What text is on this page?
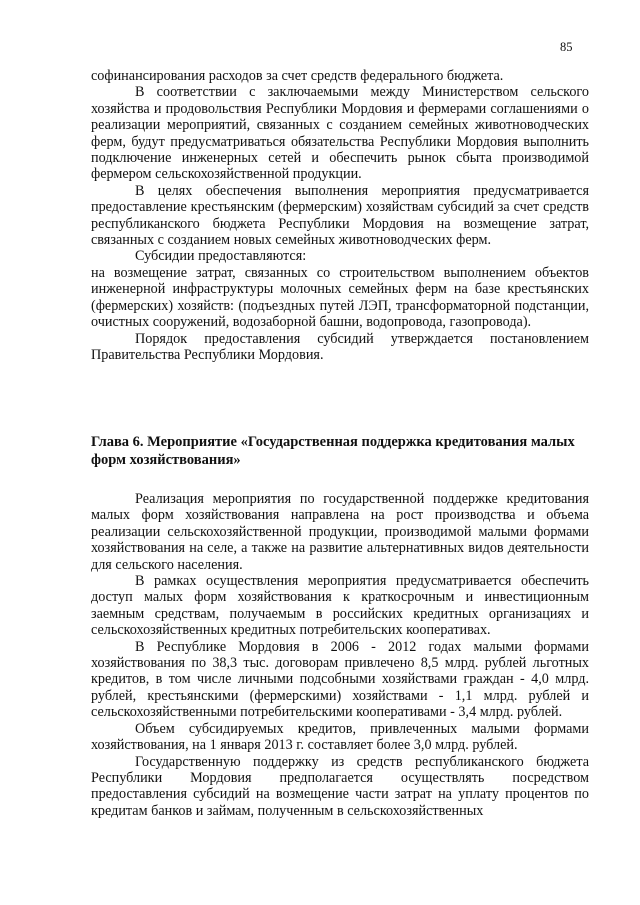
85

софинансирования расходов за счет средств федерального бюджета.

В соответствии с заключаемыми между Министерством сельского хозяйства и продовольствия Республики Мордовия и фермерами соглашениями о реализации мероприятий, связанных с созданием семейных животноводческих ферм, будут предусматриваться обязательства Республики Мордовия выполнить подключение инженерных сетей и обеспечить рынок сбыта производимой фермером сельскохозяйственной продукции.

В целях обеспечения выполнения мероприятия предусматривается предоставление крестьянским (фермерским) хозяйствам субсидий за счет средств республиканского бюджета Республики Мордовия на возмещение затрат, связанных с созданием новых семейных животноводческих ферм.

Субсидии предоставляются:

на возмещение затрат, связанных со строительством выполнением объектов инженерной инфраструктуры молочных семейных ферм на базе крестьянских (фермерских) хозяйств: (подъездных путей ЛЭП, трансформаторной подстанции, очистных сооружений, водозаборной башни, водопровода, газопровода).

Порядок предоставления субсидий утверждается постановлением Правительства Республики Мордовия.

Глава 6. Мероприятие «Государственная поддержка кредитования малых форм хозяйствования»

Реализация мероприятия по государственной поддержке кредитования малых форм хозяйствования направлена на рост производства и объема реализации сельскохозяйственной продукции, производимой малыми формами хозяйствования на селе, а также на развитие альтернативных видов деятельности для сельского населения.

В рамках осуществления мероприятия предусматривается обеспечить доступ малых форм хозяйствования к краткосрочным и инвестиционным заемным средствам, получаемым в российских кредитных организациях и сельскохозяйственных кредитных потребительских кооперативах.

В Республике Мордовия в 2006 - 2012 годах малыми формами хозяйствования по 38,3 тыс. договорам привлечено 8,5 млрд. рублей льготных кредитов, в том числе личными подсобными хозяйствами граждан - 4,0 млрд. рублей, крестьянскими (фермерскими) хозяйствами - 1,1 млрд. рублей и сельскохозяйственными потребительскими кооперативами - 3,4 млрд. рублей.

Объем субсидируемых кредитов, привлеченных малыми формами хозяйствования, на 1 января 2013 г. составляет более 3,0 млрд. рублей.

Государственную поддержку из средств республиканского бюджета Республики Мордовия предполагается осуществлять посредством предоставления субсидий на возмещение части затрат на уплату процентов по кредитам банков и займам, полученным в сельскохозяйственных
